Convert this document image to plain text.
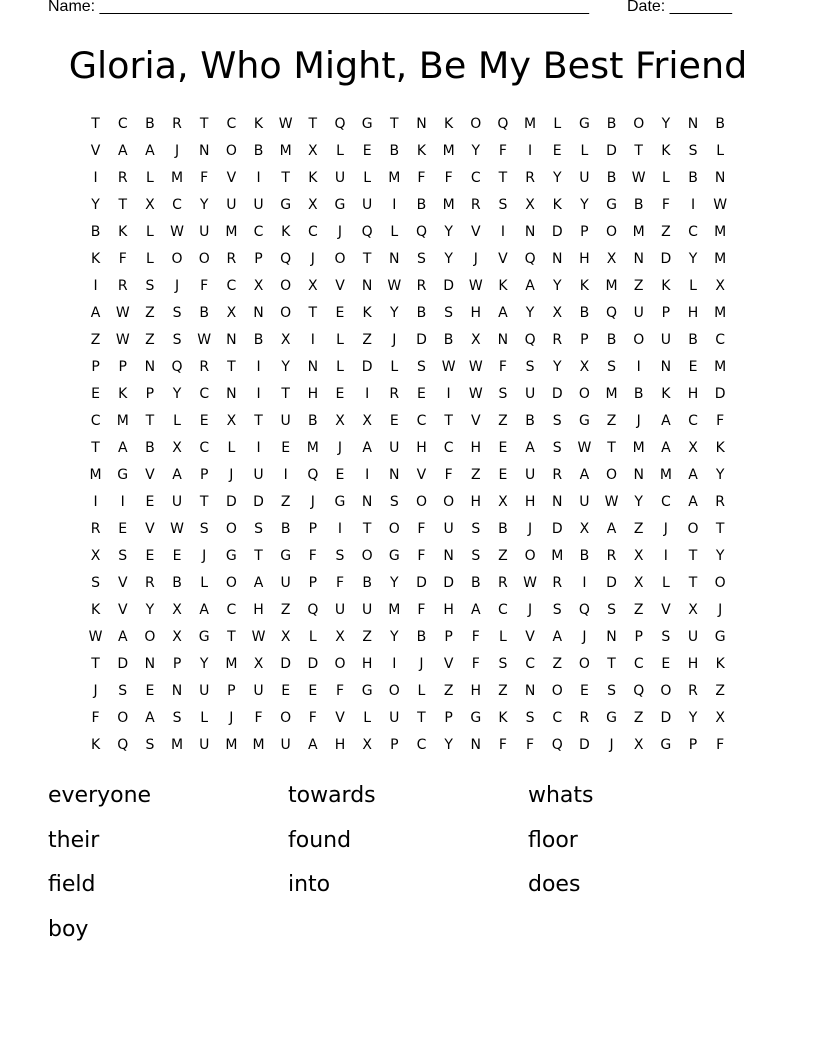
Name: _______________________________________________________ Date: _______
Gloria, Who Might, Be My Best Friend
T	C	B	R	T	C	K	W	T	Q	G	T	N	K	O	Q	M	L	G	B	O	Y	N	B
V	A	A	J	N	O	B	M	X	L	E	B	K	M	Y	F	I	E	L	D	T	K	S	L
I	R	L	M	F	V	I	T	K	U	L	M	F	F	C	T	R	Y	U	B	W	L	B	N
Y	T	X	C	Y	U	U	G	X	G	U	I	B	M	R	S	X	K	Y	G	B	F	I	W
B	K	L	W	U	M	C	K	C	J	Q	L	Q	Y	V	I	N	D	P	O	M	Z	C	M
K	F	L	O	O	R	P	Q	J	O	T	N	S	Y	J	V	Q	N	H	X	N	D	Y	M
I	R	S	J	F	C	X	O	X	V	N	W	R	D	W	K	A	Y	K	M	Z	K	L	X
A	W	Z	S	B	X	N	O	T	E	K	Y	B	S	H	A	Y	X	B	Q	U	P	H	M
Z	W	Z	S	W	N	B	X	I	L	Z	J	D	B	X	N	Q	R	P	B	O	U	B	C
P	P	N	Q	R	T	I	Y	N	L	D	L	S	W W	F	S	Y	X	S	I	N	E	M
E	K	P	Y	C	N	I	T	H	E	I	R	E	I	W	S	U	D	O	M	B	K	H	D
C	M	T	L	E	X	T	U	B	X	X	E	C	T	V	Z	B	S	G	Z	J	A	C	F
T	A	B	X	C	L	I	E	M	J	A	U	H	C	H	E	A	S	W	T	M	A	X	K
M	G	V	A	P	J	U	I	Q	E	I	N	V	F	Z	E	U	R	A	O	N	M	A	Y
I	I	E	U	T	D	D	Z	J	G	N	S	O	O	H	X	H	N	U	W	Y	C	A	R
R	E	V	W	S	O	S	B	P	I	T	O	F	U	S	B	J	D	X	A	Z	J	O	T
X	S	E	E	J	G	T	G	F	S	O	G	F	N	S	Z	O	M	B	R	X	I	T	Y
S	V	R	B	L	O	A	U	P	F	B	Y	D	D	B	R	W	R	I	D	X	L	T	O
K	V	Y	X	A	C	H	Z	Q	U	U	M	F	H	A	C	J	S	Q	S	Z	V	X	J
W	A	O	X	G	T	W	X	L	X	Z	Y	B	P	F	L	V	A	J	N	P	S	U	G
T	D	N	P	Y	M	X	D	D	O	H	I	J	V	F	S	C	Z	O	T	C	E	H	K
J	S	E	N	U	P	U	E	E	F	G	O	L	Z	H	Z	N	O	E	S	Q	O	R	Z
F	O	A	S	L	J	F	O	F	V	L	U	T	P	G	K	S	C	R	G	Z	D	Y	X
K	Q	S	M	U	M	M	U	A	H	X	P	C	Y	N	F	F	Q	D	J	X	G	P	F
everyone	towards	whats
their	found	floor
field	into	does
boy
